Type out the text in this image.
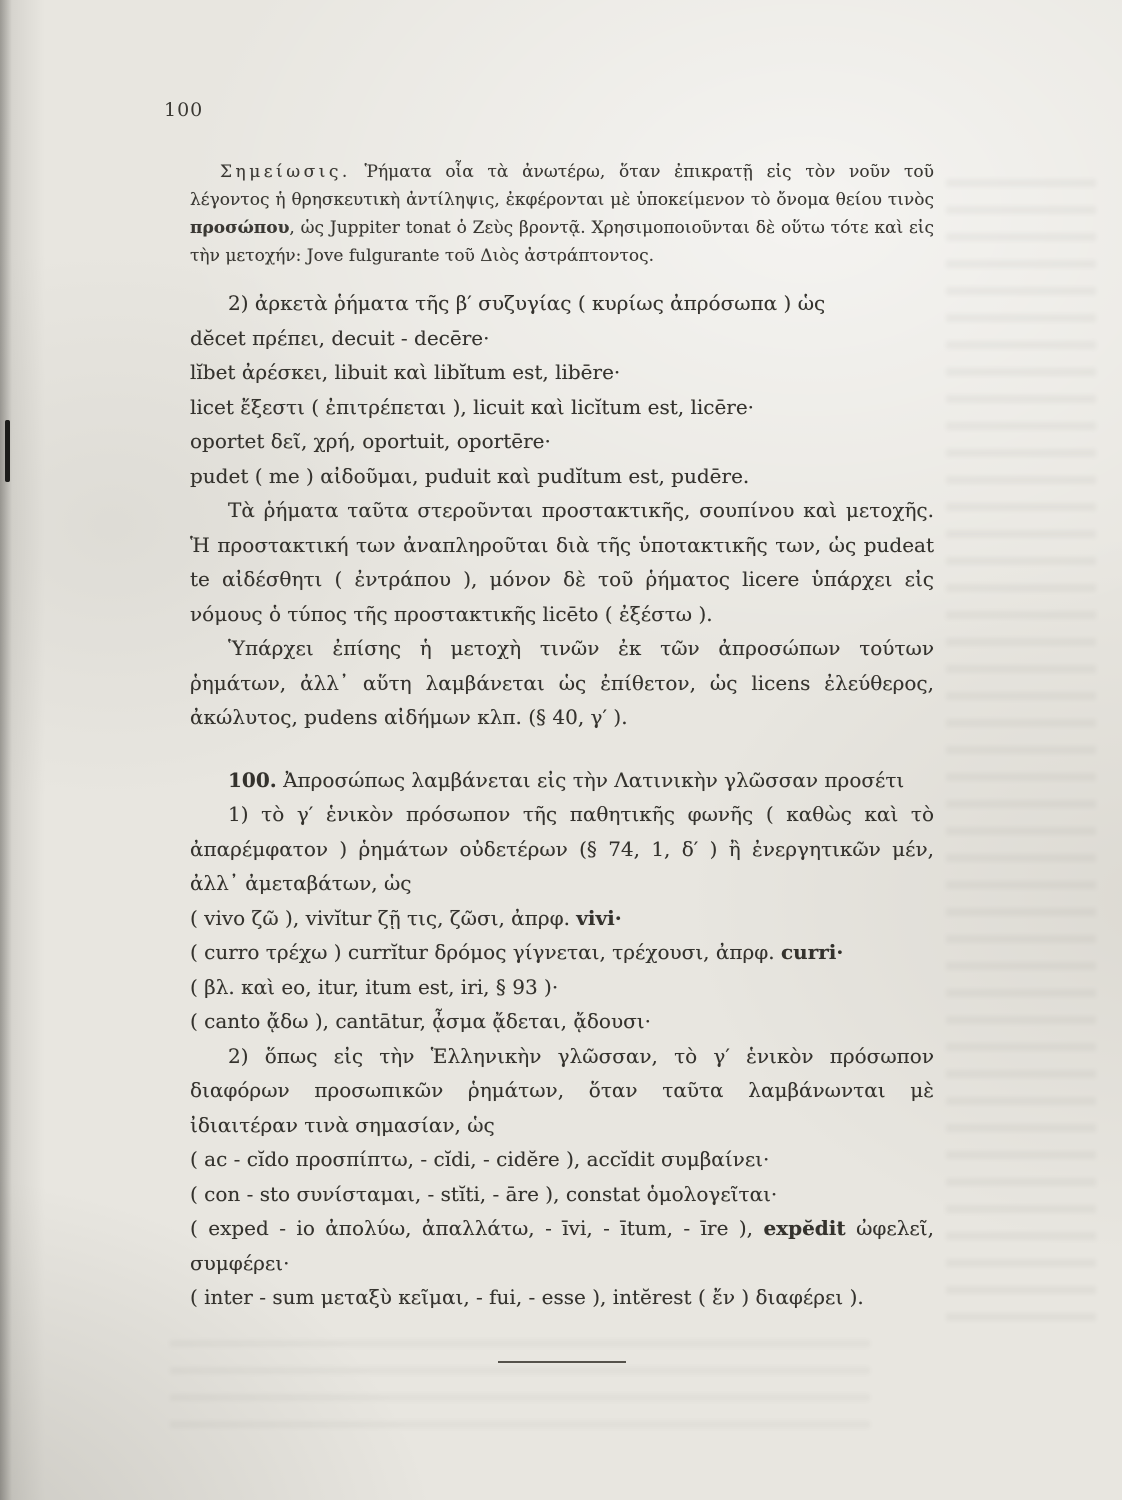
100

Σημείωσις. Ῥήματα οἷα τὰ ἀνωτέρω, ὅταν ἐπικρατῇ εἰς τὸν νοῦν τοῦ λέγοντος ἡ θρησκευτικὴ ἀντίληψις, ἐκφέρονται μὲ ὑποκείμενον τὸ ὄνομα θείου τινὸς προσώπου, ὡς Juppiter tonat ὁ Ζεὺς βροντᾷ. Χρησιμοποιοῦνται δὲ οὕτω τότε καὶ εἰς τὴν μετοχήν: Jove fulgurante τοῦ Διὸς ἀστράπτοντος.

2) ἀρκετὰ ῥήματα τῆς β′ συζυγίας ( κυρίως ἀπρόσωπα ) ὡς

dĕcet πρέπει, decuit - decēre·

lĭbet ἀρέσκει, libuit καὶ libĭtum est, libēre·

licet ἔξεστι ( ἐπιτρέπεται ), licuit καὶ licĭtum est, licēre·

oportet δεῖ, χρή, oportuit, oportēre·

pudet ( me ) αἰδοῦμαι, puduit καὶ pudĭtum est, pudēre.

Τὰ ῥήματα ταῦτα στεροῦνται προστακτικῆς, σουπίνου καὶ μετοχῆς. Ἡ προστακτική των ἀναπληροῦται διὰ τῆς ὑποτακτικῆς των, ὡς pudeat te αἰδέσθητι ( ἐντράπου ), μόνον δὲ τοῦ ῥήματος licere ὑπάρχει εἰς νόμους ὁ τύπος τῆς προστακτικῆς licēto ( ἐξέστω ).

Ὑπάρχει ἐπίσης ἡ μετοχὴ τινῶν ἐκ τῶν ἀπροσώπων τούτων ῥημάτων, ἀλλ᾽ αὕτη λαμβάνεται ὡς ἐπίθετον, ὡς licens ἐλεύθερος, ἀκώλυτος, pudens αἰδήμων κλπ. (§ 40, γ′ ).

100. Ἀπροσώπως λαμβάνεται εἰς τὴν Λατινικὴν γλῶσσαν προσέτι

1) τὸ γ′ ἑνικὸν πρόσωπον τῆς παθητικῆς φωνῆς ( καθὼς καὶ τὸ ἀπαρέμφατον ) ῥημάτων οὐδετέρων (§ 74, 1, δ′ ) ἢ ἐνεργητικῶν μέν, ἀλλ᾽ ἀμεταβάτων, ὡς

( vivo ζῶ ), vivĭtur ζῇ τις, ζῶσι, ἀπρφ. vivi·

( curro τρέχω ) currĭtur δρόμος γίγνεται, τρέχουσι, ἀπρφ. curri·

( βλ. καὶ eo, itur, itum est, iri, § 93 )·

( canto ᾄδω ), cantātur, ᾆσμα ᾄδεται, ᾄδουσι·

2) ὅπως εἰς τὴν Ἑλληνικὴν γλῶσσαν, τὸ γ′ ἑνικὸν πρόσωπον διαφόρων προσωπικῶν ῥημάτων, ὅταν ταῦτα λαμβάνωνται μὲ ἰδιαιτέραν τινὰ σημασίαν, ὡς

( ac - cĭdo προσπίπτω, - cĭdi, - cidĕre ), accĭdit συμβαίνει·

( con - sto συνίσταμαι, - stĭti, - āre ), constat ὁμολογεῖται·

( exped - io ἀπολύω, ἀπαλλάτω, - īvi, - ītum, - īre ), expĕdit ὠφελεῖ, συμφέρει·

( inter - sum μεταξὺ κεῖμαι, - fui, - esse ), intĕrest ( ἔν ) διαφέρει ).
